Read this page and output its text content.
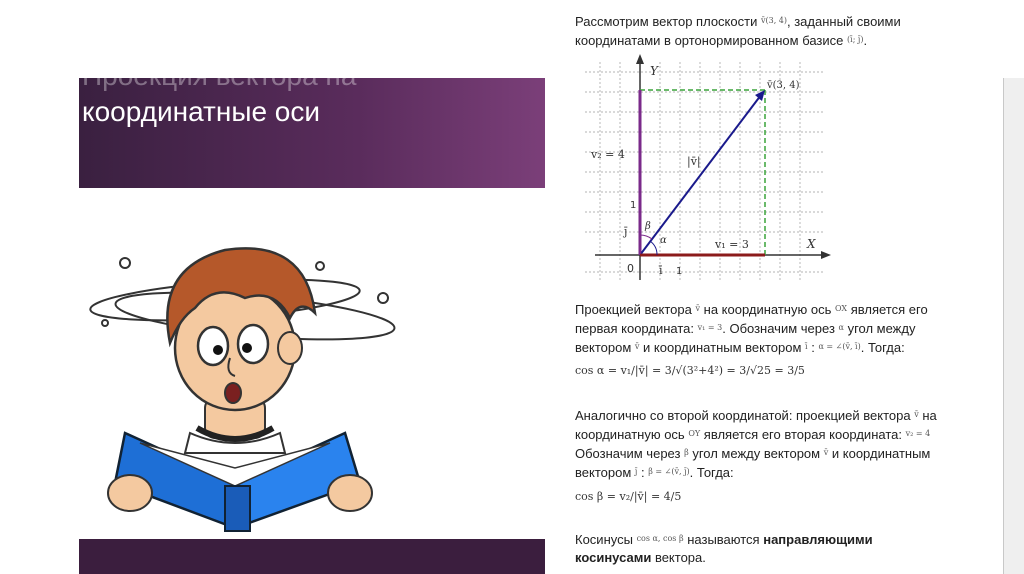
Проекция вектора на
координатные оси

Рассмотрим вектор плоскости $^{v̄(3, 4)}$, заданный своими
координатами в ортонормированном базисе $^{(ī; j̄)}$.

Y
X
0
v̄(3, 4)
v₂ = 4
v₁ = 3
|v̄|
1
1
ī
j̄
α
β

Проекцией вектора $^{v̄}$ на координатную ось $^{OX}$ является его
первая координата: $^{v_1 = 3}$. Обозначим через $^\alpha$ угол между
вектором $^{v̄}$ и координатным вектором $^ī$ : $^{\alpha = \angle(v̄, ī)}$. Тогда:

cos α = v₁/|v̄| = 3/√(3²+4²) = 3/√25 = 3/5

Аналогично со второй координатой: проекцией вектора $^{v̄}$ на
координатную ось $^{OY}$ является его вторая координата: $^{v_2 = 4}$
Обозначим через $^\beta$ угол между вектором $^{v̄}$ и координатным
вектором $^{j̄}$ : $^{\beta = \angle(v̄, j̄)}$. Тогда:

cos β = v₂/|v̄| = 4/5

Косинусы $^{cos \alpha, cos \beta}$ называются направляющими
косинусами вектора.
